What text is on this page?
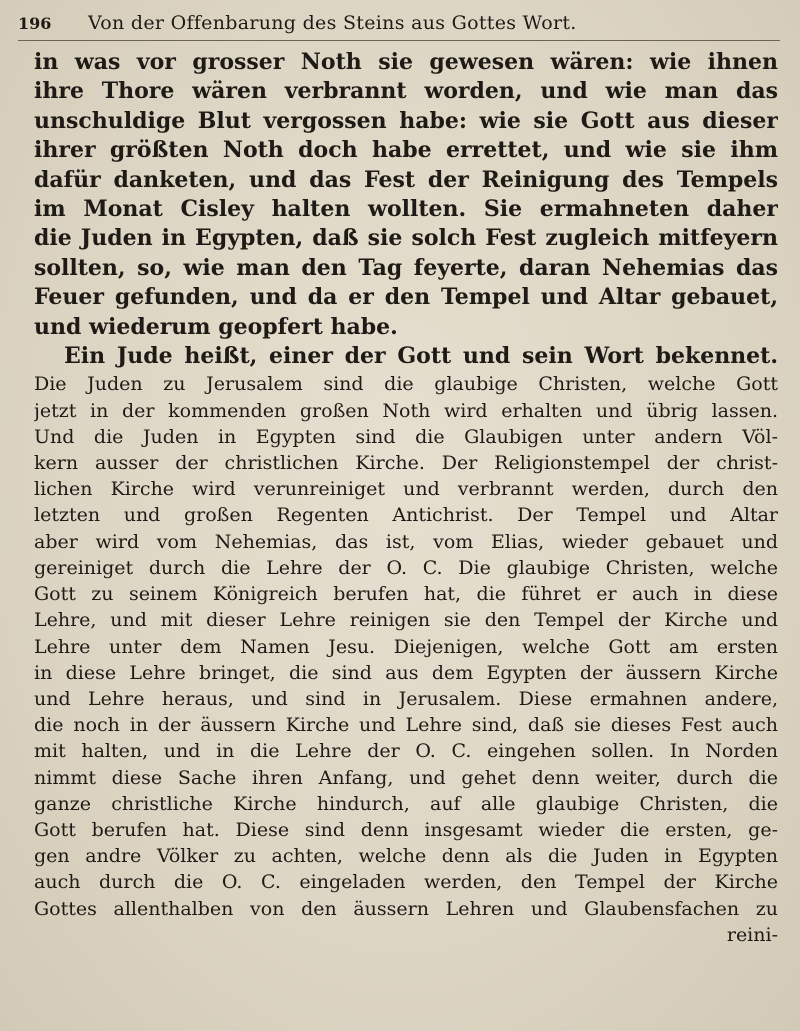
196 Von der Offenbarung des Steins aus Gottes Wort.
in was vor grosser Noth sie gewesen wären: wie ihnen
ihre Thore wären verbrannt worden, und wie man das
unschuldige Blut vergossen habe: wie sie Gott aus dieser
ihrer größten Noth doch habe errettet, und wie sie ihm
dafür danketen, und das Fest der Reinigung des Tempels
im Monat Cisley halten wollten. Sie ermahneten daher
die Juden in Egypten, daß sie solch Fest zugleich mitfeyern
sollten, so, wie man den Tag feyerte, daran Nehemias das
Feuer gefunden, und da er den Tempel und Altar gebauet,
und wiederum geopfert habe.
Ein Jude heißt, einer der Gott und sein Wort bekennet.
Die Juden zu Jerusalem sind die glaubige Christen, welche Gott
jetzt in der kommenden großen Noth wird erhalten und übrig lassen.
Und die Juden in Egypten sind die Glaubigen unter andern Völ-
kern ausser der christlichen Kirche. Der Religionstempel der christ-
lichen Kirche wird verunreiniget und verbrannt werden, durch den
letzten und großen Regenten Antichrist. Der Tempel und Altar
aber wird vom Nehemias, das ist, vom Elias, wieder gebauet und
gereiniget durch die Lehre der O. C. Die glaubige Christen, welche
Gott zu seinem Königreich berufen hat, die führet er auch in diese
Lehre, und mit dieser Lehre reinigen sie den Tempel der Kirche und
Lehre unter dem Namen Jesu. Diejenigen, welche Gott am ersten
in diese Lehre bringet, die sind aus dem Egypten der äussern Kirche
und Lehre heraus, und sind in Jerusalem. Diese ermahnen andere,
die noch in der äussern Kirche und Lehre sind, daß sie dieses Fest auch
mit halten, und in die Lehre der O. C. eingehen sollen. In Norden
nimmt diese Sache ihren Anfang, und gehet denn weiter, durch die
ganze christliche Kirche hindurch, auf alle glaubige Christen, die
Gott berufen hat. Diese sind denn insgesamt wieder die ersten, ge-
gen andre Völker zu achten, welche denn als die Juden in Egypten
auch durch die O. C. eingeladen werden, den Tempel der Kirche
Gottes allenthalben von den äussern Lehren und Glaubensfachen zu
reini-
